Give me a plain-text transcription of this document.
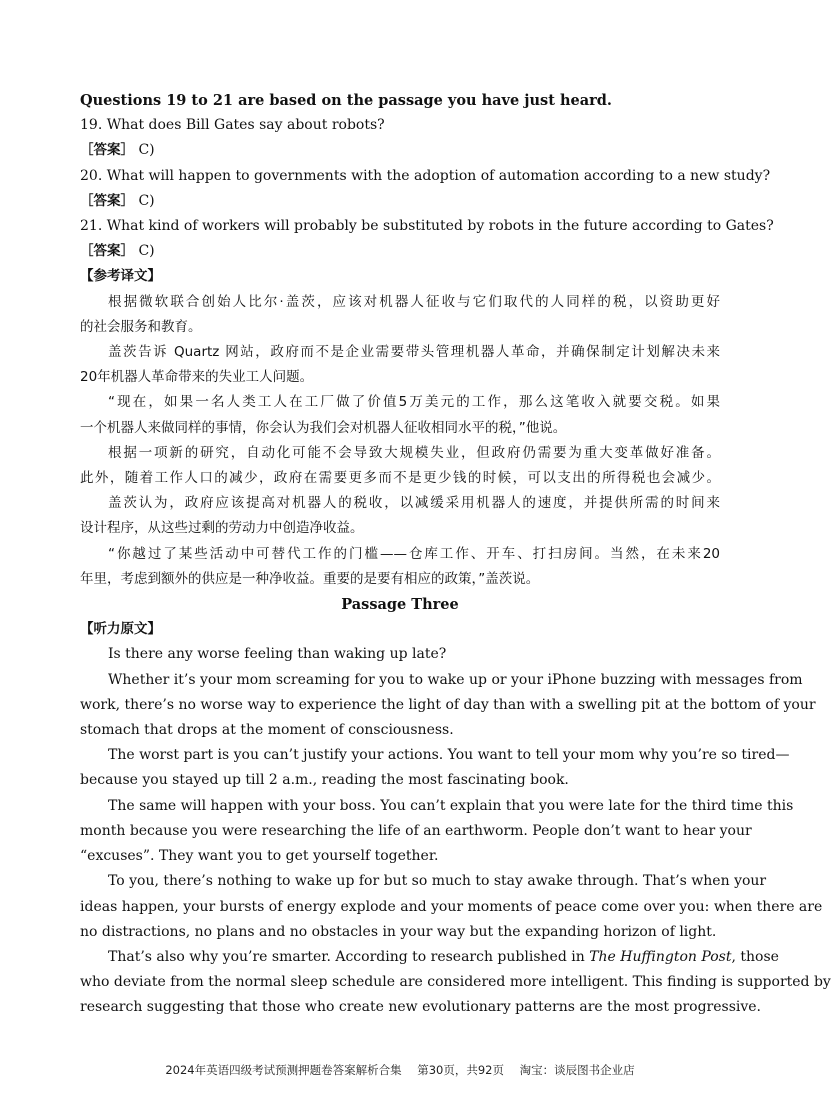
Questions 19 to 21 are based on the passage you have just heard.
19. What does Bill Gates say about robots?
［答案］ C)
20. What will happen to governments with the adoption of automation according to a new study?
［答案］ C)
21. What kind of workers will probably be substituted by robots in the future according to Gates?
［答案］ C)
【参考译文】
根据微软联合创始人比尔·盖茨，应该对机器人征收与它们取代的人同样的税，以资助更好
的社会服务和教育。
盖茨告诉 Quartz 网站，政府而不是企业需要带头管理机器人革命，并确保制定计划解决未来
20年机器人革命带来的失业工人问题。
“现在，如果一名人类工人在工厂做了价值5万美元的工作，那么这笔收入就要交税。如果
一个机器人来做同样的事情，你会认为我们会对机器人征收相同水平的税，”他说。
根据一项新的研究，自动化可能不会导致大规模失业，但政府仍需要为重大变革做好准备。
此外，随着工作人口的减少，政府在需要更多而不是更少钱的时候，可以支出的所得税也会减少。
盖茨认为，政府应该提高对机器人的税收，以减缓采用机器人的速度，并提供所需的时间来
设计程序，从这些过剩的劳动力中创造净收益。
“你越过了某些活动中可替代工作的门槛——仓库工作、开车、打扫房间。当然，在未来20
年里，考虑到额外的供应是一种净收益。重要的是要有相应的政策，”盖茨说。
Passage Three
【听力原文】
Is there any worse feeling than waking up late?
Whether it’s your mom screaming for you to wake up or your iPhone buzzing with messages from
work, there’s no worse way to experience the light of day than with a swelling pit at the bottom of your
stomach that drops at the moment of consciousness.
The worst part is you can’t justify your actions. You want to tell your mom why you’re so tired—
because you stayed up till 2 a.m., reading the most fascinating book.
The same will happen with your boss. You can’t explain that you were late for the third time this
month because you were researching the life of an earthworm. People don’t want to hear your
“excuses”. They want you to get yourself together.
To you, there’s nothing to wake up for but so much to stay awake through. That’s when your
ideas happen, your bursts of energy explode and your moments of peace come over you: when there are
no distractions, no plans and no obstacles in your way but the expanding horizon of light.
That’s also why you’re smarter. According to research published in The Huffington Post, those
who deviate from the normal sleep schedule are considered more intelligent. This finding is supported by
research suggesting that those who create new evolutionary patterns are the most progressive.
2024年英语四级考试预测押题卷答案解析合集 第30页，共92页 淘宝：谈辰图书企业店
